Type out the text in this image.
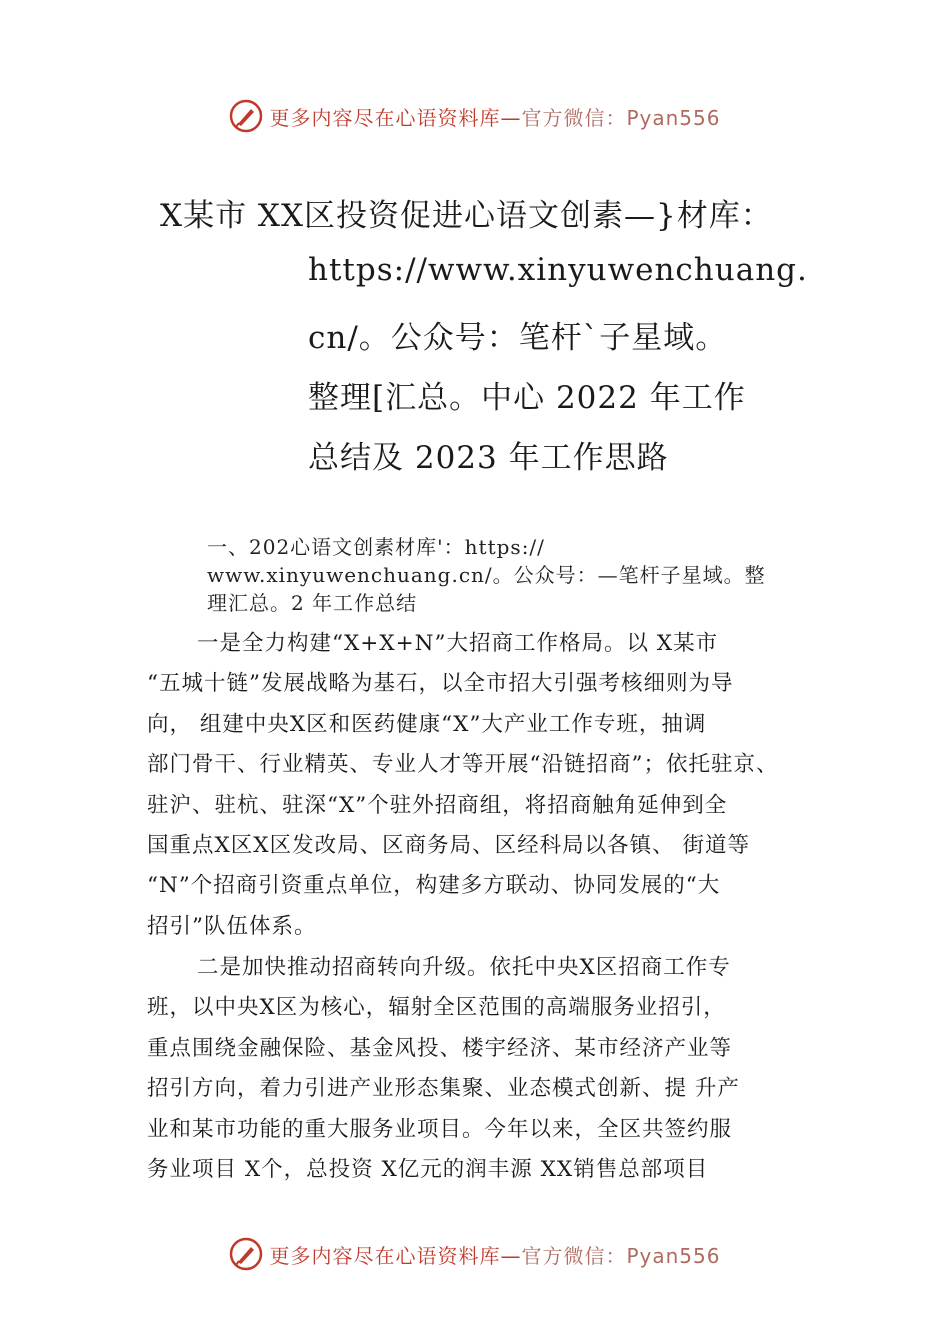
更多内容尽在心语资料库— 官方微信：Pyan556
X某市 XX区投资促进心语文创素—}材库：
https://www.xinyuwenchuang.
cn/。公众号：笔杆`子星域。
整理[汇总。中心 2022 年工作
总结及 2023 年工作思路
一、202心语文创素材库'：https://
www.xinyuwenchuang.cn/。公众号：—笔杆子星域。整
理汇总。2 年工作总结
一是全力构建“X+X+N”大招商工作格局。以 X某市
“五城十链”发展战略为基石，以全市招大引强考核细则为导
向， 组建中央X区和医药健康“X”大产业工作专班，抽调
部门骨干、行业精英、专业人才等开展“沿链招商”；依托驻京、
驻沪、驻杭、驻深“X”个驻外招商组，将招商触角延伸到全
国重点X区X区发改局、区商务局、区经科局以各镇、 街道等
“N”个招商引资重点单位，构建多方联动、协同发展的“大
招引”队伍体系。
二是加快推动招商转向升级。依托中央X区招商工作专
班，以中央X区为核心，辐射全区范围的高端服务业招引，
重点围绕金融保险、基金风投、楼宇经济、某市经济产业等
招引方向，着力引进产业形态集聚、业态模式创新、提 升产
业和某市功能的重大服务业项目。今年以来，全区共签约服
务业项目 X个，总投资 X亿元的润丰源 XX销售总部项目
更多内容尽在心语资料库— 官方微信：Pyan556
